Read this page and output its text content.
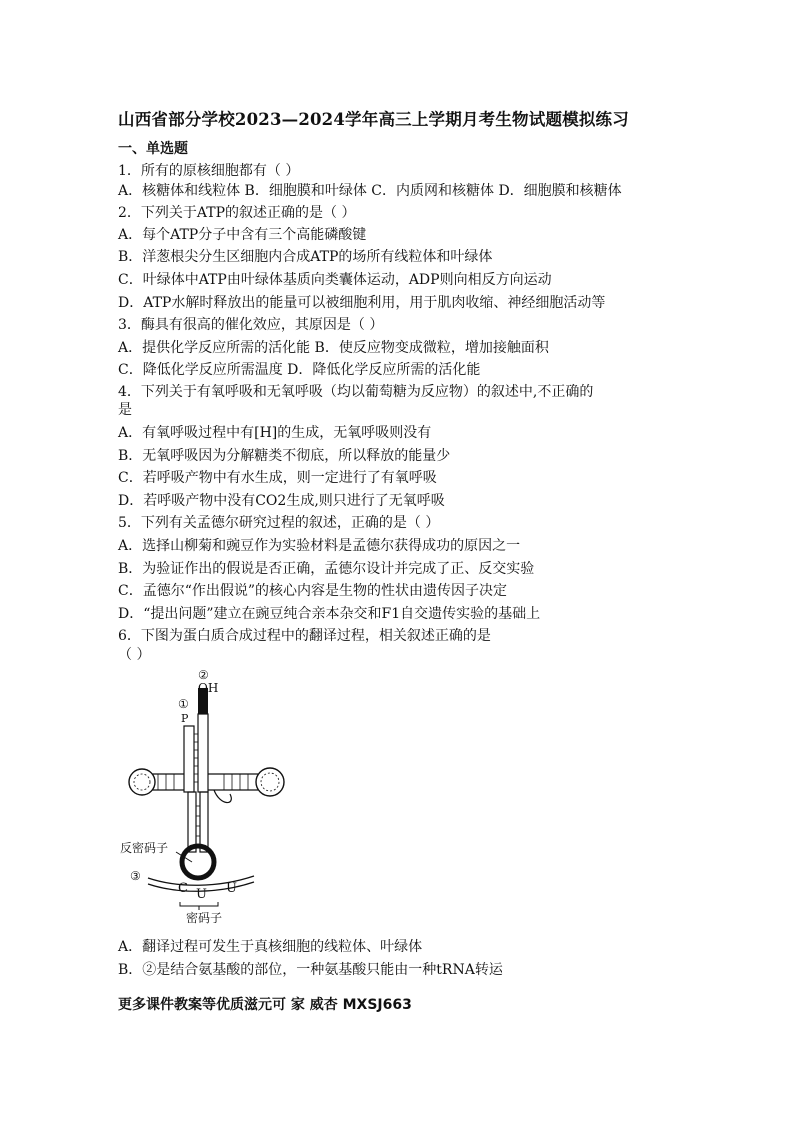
山西省部分学校2023—2024学年高三上学期月考生物试题模拟练习
一、单选题
1．所有的原核细胞都有（ ）
A．核糖体和线粒体 B．细胞膜和叶绿体 C．内质网和核糖体 D．细胞膜和核糖体
2．下列关于ATP的叙述正确的是（ ）
A．每个ATP分子中含有三个高能磷酸键
B．洋葱根尖分生区细胞内合成ATP的场所有线粒体和叶绿体
C．叶绿体中ATP由叶绿体基质向类囊体运动，ADP则向相反方向运动
D．ATP水解时释放出的能量可以被细胞利用，用于肌肉收缩、神经细胞活动等
3．酶具有很高的催化效应，其原因是（ ）
A．提供化学反应所需的活化能 B．使反应物变成微粒，增加接触面积
C．降低化学反应所需温度 D．降低化学反应所需的活化能
4．下列关于有氧呼吸和无氧呼吸（均以葡萄糖为反应物）的叙述中,不正确的
是
A．有氧呼吸过程中有[H]的生成，无氧呼吸则没有
B．无氧呼吸因为分解糖类不彻底，所以释放的能量少
C．若呼吸产物中有水生成，则一定进行了有氧呼吸
D．若呼吸产物中没有CO2生成,则只进行了无氧呼吸
5．下列有关孟德尔研究过程的叙述，正确的是（ ）
A．选择山柳菊和豌豆作为实验材料是孟德尔获得成功的原因之一
B．为验证作出的假说是否正确，孟德尔设计并完成了正、反交实验
C．孟德尔“作出假说”的核心内容是生物的性状由遗传因子决定
D．“提出问题”建立在豌豆纯合亲本杂交和F1自交遗传实验的基础上
6．下图为蛋白质合成过程中的翻译过程，相关叙述正确的是
（ ）
A．翻译过程可发生于真核细胞的线粒体、叶绿体
B．②是结合氨基酸的部位，一种氨基酸只能由一种tRNA转运
②
OH
①
P
反密码子
③
C U U
密码子
更多课件教案等优质滋元可 家 威杏 MXSJ663
